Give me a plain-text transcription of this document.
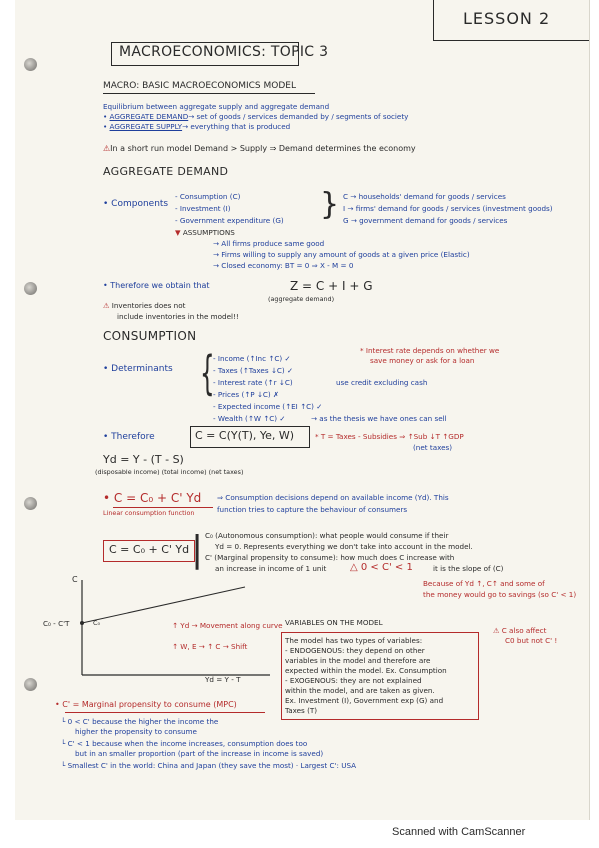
LESSON 2
MACROECONOMICS: TOPIC 3
MACRO: BASIC MACROECONOMICS MODEL
Equilibrium between aggregate supply and aggregate demand
• AGGREGATE DEMAND→ set of goods / services demanded by / segments of society
• AGGREGATE SUPPLY→ everything that is produced
⚠In a short run model Demand > Supply ⇒ Demand determines the economy
AGGREGATE DEMAND
• Components
- Consumption (C)
- Investment (I)
- Government expenditure (G) } C → households' demand for goods / services
I → firms' demand for goods / services (investment goods)
G → government demand for goods / services
▼ ASSUMPTIONS
→ All firms produce same good
→ Firms willing to supply any amount of goods at a given price (Elastic)
→ Closed economy: BT = 0 ⇒ X - M = 0
• Therefore we obtain that	Z = C + I + G
(aggregate demand)
⚠ Inventories does not
include inventories in the model!!
CONSUMPTION
• Determinants {
- Income (↑Inc ↑C) ✓
- Taxes (↑Taxes ↓C) ✓
- Interest rate (↑r ↓C)	use credit excluding cash
- Prices (↑P ↓C) ✗
- Expected income (↑EI ↑C) ✓
- Wealth (↑W ↑C) ✓	→ as the thesis we have ones can sell
* Interest rate depends on whether we
save money or ask for a loan
• Therefore	C = C(Y(T), Ye, W)	* T = Taxes - Subsidies ⇒ ↑Sub ↓T ↑GDP
(net taxes)
Yd = Y - (T - S)
(disposable income) (total income) (net taxes)
• C = C₀ + C' Yd
Linear consumption function
⇒ Consumption decisions depend on available income (Yd). This
function tries to capture the behaviour of consumers
C = C₀ + C' Yd | C₀ (Autonomous consumption): what people would consume if their
Yd = 0. Represents everything we don't take into account in the model.
C' (Marginal propensity to consume): how much does C increase with
an increase in income of 1 unit △ 0 < C' < 1	it is the slope of (C)
Because of Yd ↑, C↑ and some of
the money would go to savings (so C' < 1)
C
C₀ - C'T	C₀
Yd = Y - T
↑ Yd → Movement along curve
↑ W, E → ↑ C → Shift
VARIABLES ON THE MODEL
The model has two types of variables:
- ENDOGENOUS: they depend on other
variables in the model and therefore are
expected within the model. Ex. Consumption
- EXOGENOUS: they are not explained
within the model, and are taken as given.
Ex. Investment (I), Government exp (G) and
Taxes (T)
⚠ C also affect
C0 but not C' !
• C' = Marginal propensity to consume (MPC)
└ 0 < C' because the higher the income the
higher the propensity to consume
└ C' < 1 because when the income increases, consumption does too
but in an smaller proportion (part of the increase in income is saved)
└ Smallest C' in the world: China and Japan (they save the most) · Largest C': USA
Scanned with CamScanner
